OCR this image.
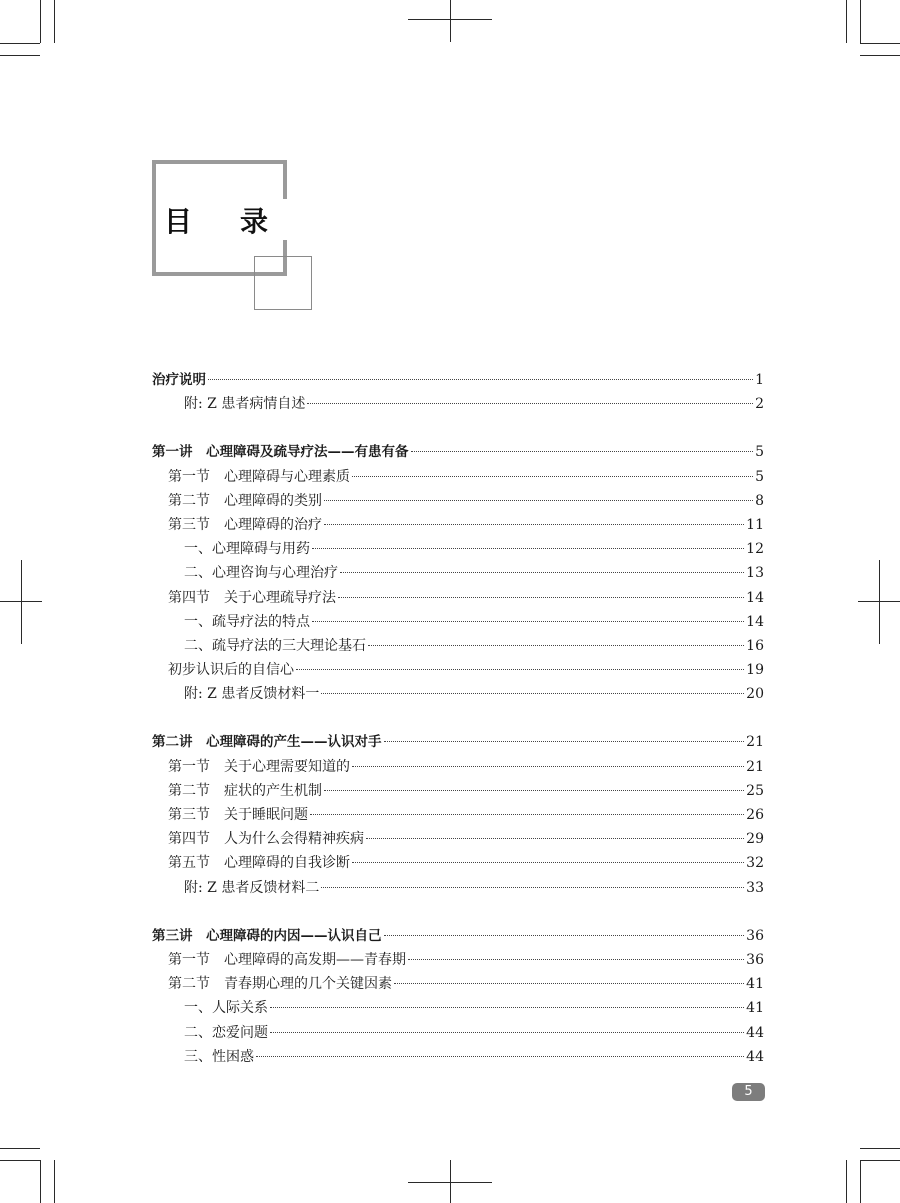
目 录
治疗说明	1
附: Z 患者病情自述	2
第一讲　心理障碍及疏导疗法——有患有备	5
第一节　心理障碍与心理素质	5
第二节　心理障碍的类别	8
第三节　心理障碍的治疗	11
一、心理障碍与用药	12
二、心理咨询与心理治疗	13
第四节　关于心理疏导疗法	14
一、疏导疗法的特点	14
二、疏导疗法的三大理论基石	16
初步认识后的自信心	19
附: Z 患者反馈材料一	20
第二讲　心理障碍的产生——认识对手	21
第一节　关于心理需要知道的	21
第二节　症状的产生机制	25
第三节　关于睡眠问题	26
第四节　人为什么会得精神疾病	29
第五节　心理障碍的自我诊断	32
附: Z 患者反馈材料二	33
第三讲　心理障碍的内因——认识自己	36
第一节　心理障碍的高发期——青春期	36
第二节　青春期心理的几个关键因素	41
一、人际关系	41
二、恋爱问题	44
三、性困惑	44
5
